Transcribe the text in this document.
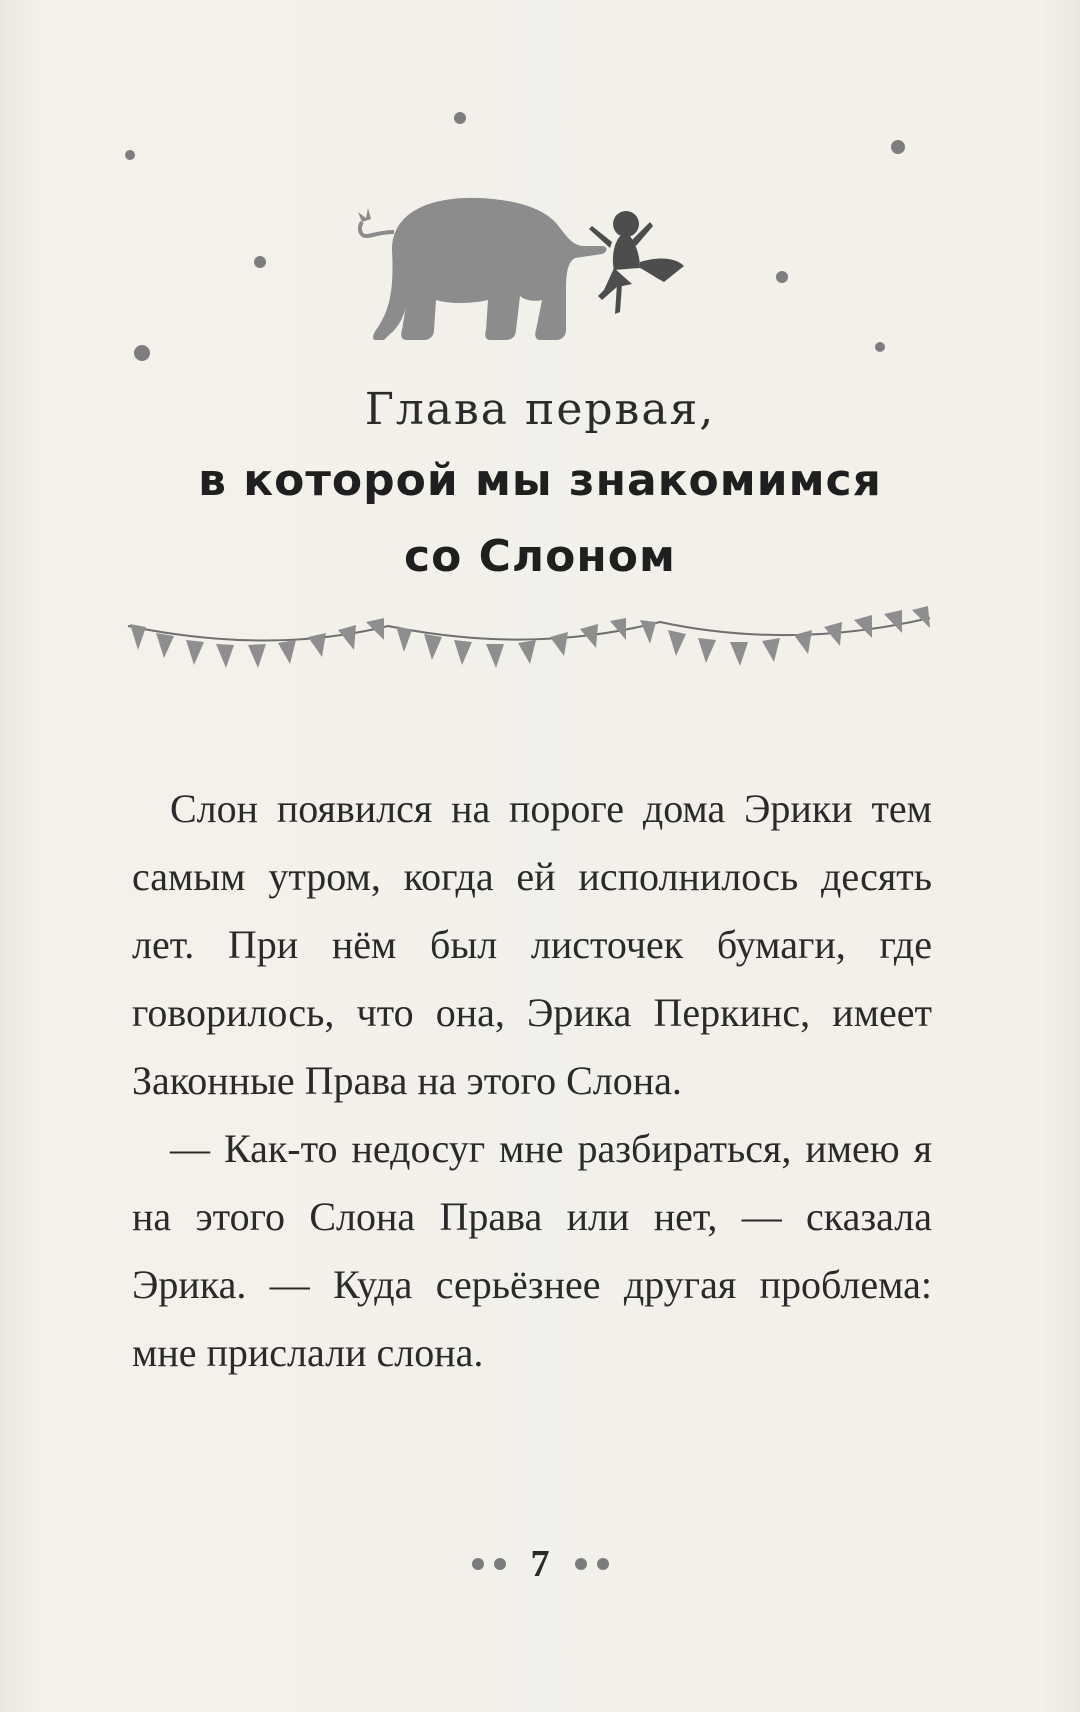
Глава первая,
в которой мы знакомимся
со Слоном

Слон появился на пороге дома Эрики тем самым утром, когда ей исполнилось десять лет. При нём был листочек бумаги, где говорилось, что она, Эрика Перкинс, имеет Законные Права на этого Слона.

— Как-то недосуг мне разбираться, имею я на этого Слона Права или нет, — сказала Эрика. — Куда серьёзнее другая проблема: мне прислали слона.

7
